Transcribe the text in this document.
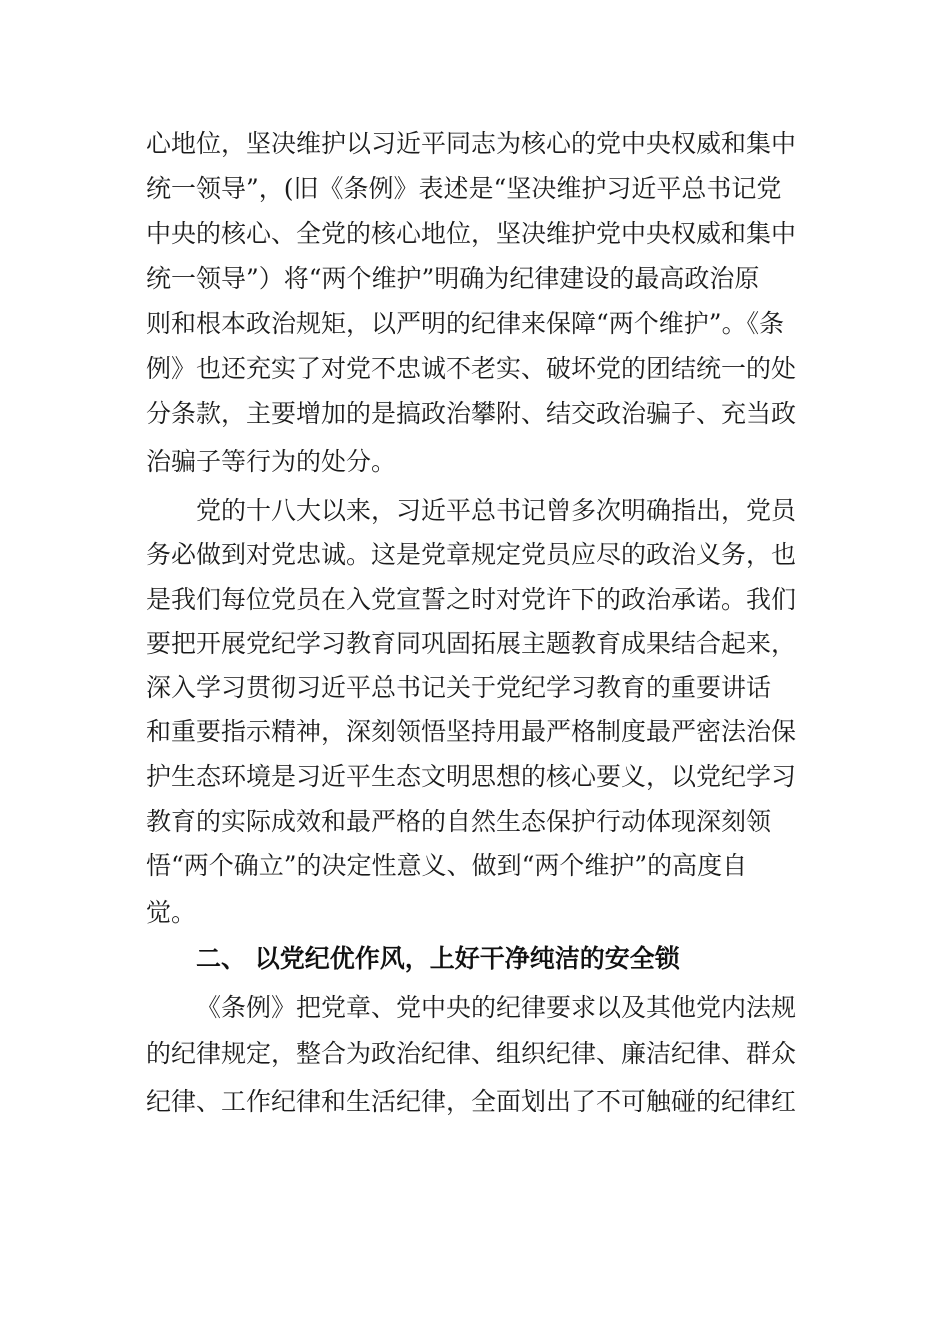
心地位，坚决维护以习近平同志为核心的党中央权威和集中
统一领导”，(旧《条例》表述是“坚决维护习近平总书记党
中央的核心、全党的核心地位，坚决维护党中央权威和集中
统一领导”）将“两个维护”明确为纪律建设的最高政治原
则和根本政治规矩，以严明的纪律来保障“两个维护”。《条
例》也还充实了对党不忠诚不老实、破坏党的团结统一的处
分条款，主要增加的是搞政治攀附、结交政治骗子、充当政
治骗子等行为的处分。
党的十八大以来，习近平总书记曾多次明确指出，党员
务必做到对党忠诚。这是党章规定党员应尽的政治义务，也
是我们每位党员在入党宣誓之时对党许下的政治承诺。我们
要把开展党纪学习教育同巩固拓展主题教育成果结合起来，
深入学习贯彻习近平总书记关于党纪学习教育的重要讲话
和重要指示精神，深刻领悟坚持用最严格制度最严密法治保
护生态环境是习近平生态文明思想的核心要义，以党纪学习
教育的实际成效和最严格的自然生态保护行动体现深刻领
悟“两个确立”的决定性意义、做到“两个维护”的高度自
觉。
二、 以党纪优作风，上好干净纯洁的安全锁
《条例》把党章、党中央的纪律要求以及其他党内法规
的纪律规定，整合为政治纪律、组织纪律、廉洁纪律、群众
纪律、工作纪律和生活纪律，全面划出了不可触碰的纪律红
